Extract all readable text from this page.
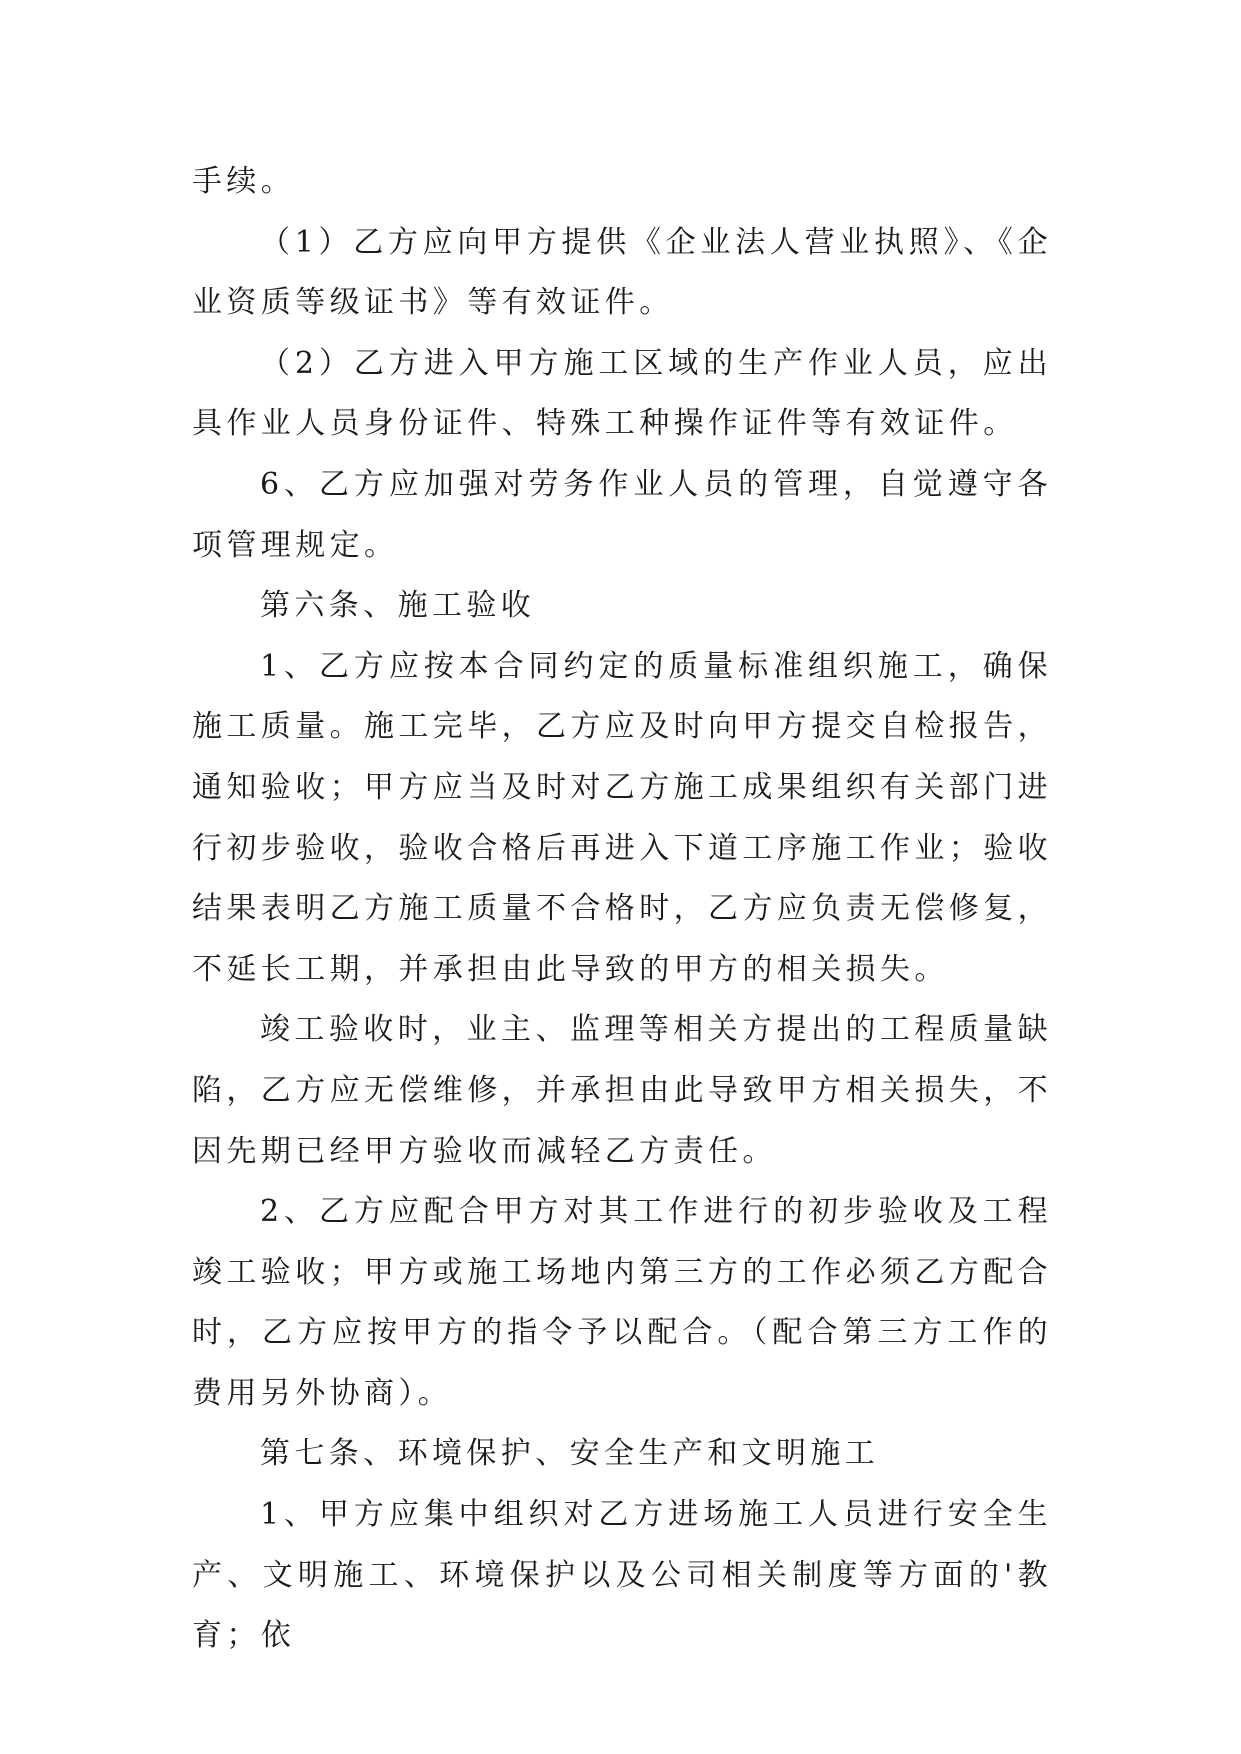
手续。

（1）乙方应向甲方提供《企业法人营业执照》、《企业资质等级证书》等有效证件。

（2）乙方进入甲方施工区域的生产作业人员，应出具作业人员身份证件、特殊工种操作证件等有效证件。

6、乙方应加强对劳务作业人员的管理，自觉遵守各项管理规定。

第六条、施工验收

1、乙方应按本合同约定的质量标准组织施工，确保施工质量。施工完毕，乙方应及时向甲方提交自检报告，通知验收；甲方应当及时对乙方施工成果组织有关部门进行初步验收，验收合格后再进入下道工序施工作业；验收结果表明乙方施工质量不合格时，乙方应负责无偿修复，不延长工期，并承担由此导致的甲方的相关损失。

竣工验收时，业主、监理等相关方提出的工程质量缺陷，乙方应无偿维修，并承担由此导致甲方相关损失，不因先期已经甲方验收而减轻乙方责任。

2、乙方应配合甲方对其工作进行的初步验收及工程竣工验收；甲方或施工场地内第三方的工作必须乙方配合时，乙方应按甲方的指令予以配合。（配合第三方工作的费用另外协商）。

第七条、环境保护、安全生产和文明施工

1、甲方应集中组织对乙方进场施工人员进行安全生产、文明施工、环境保护以及公司相关制度等方面的'教育；依
